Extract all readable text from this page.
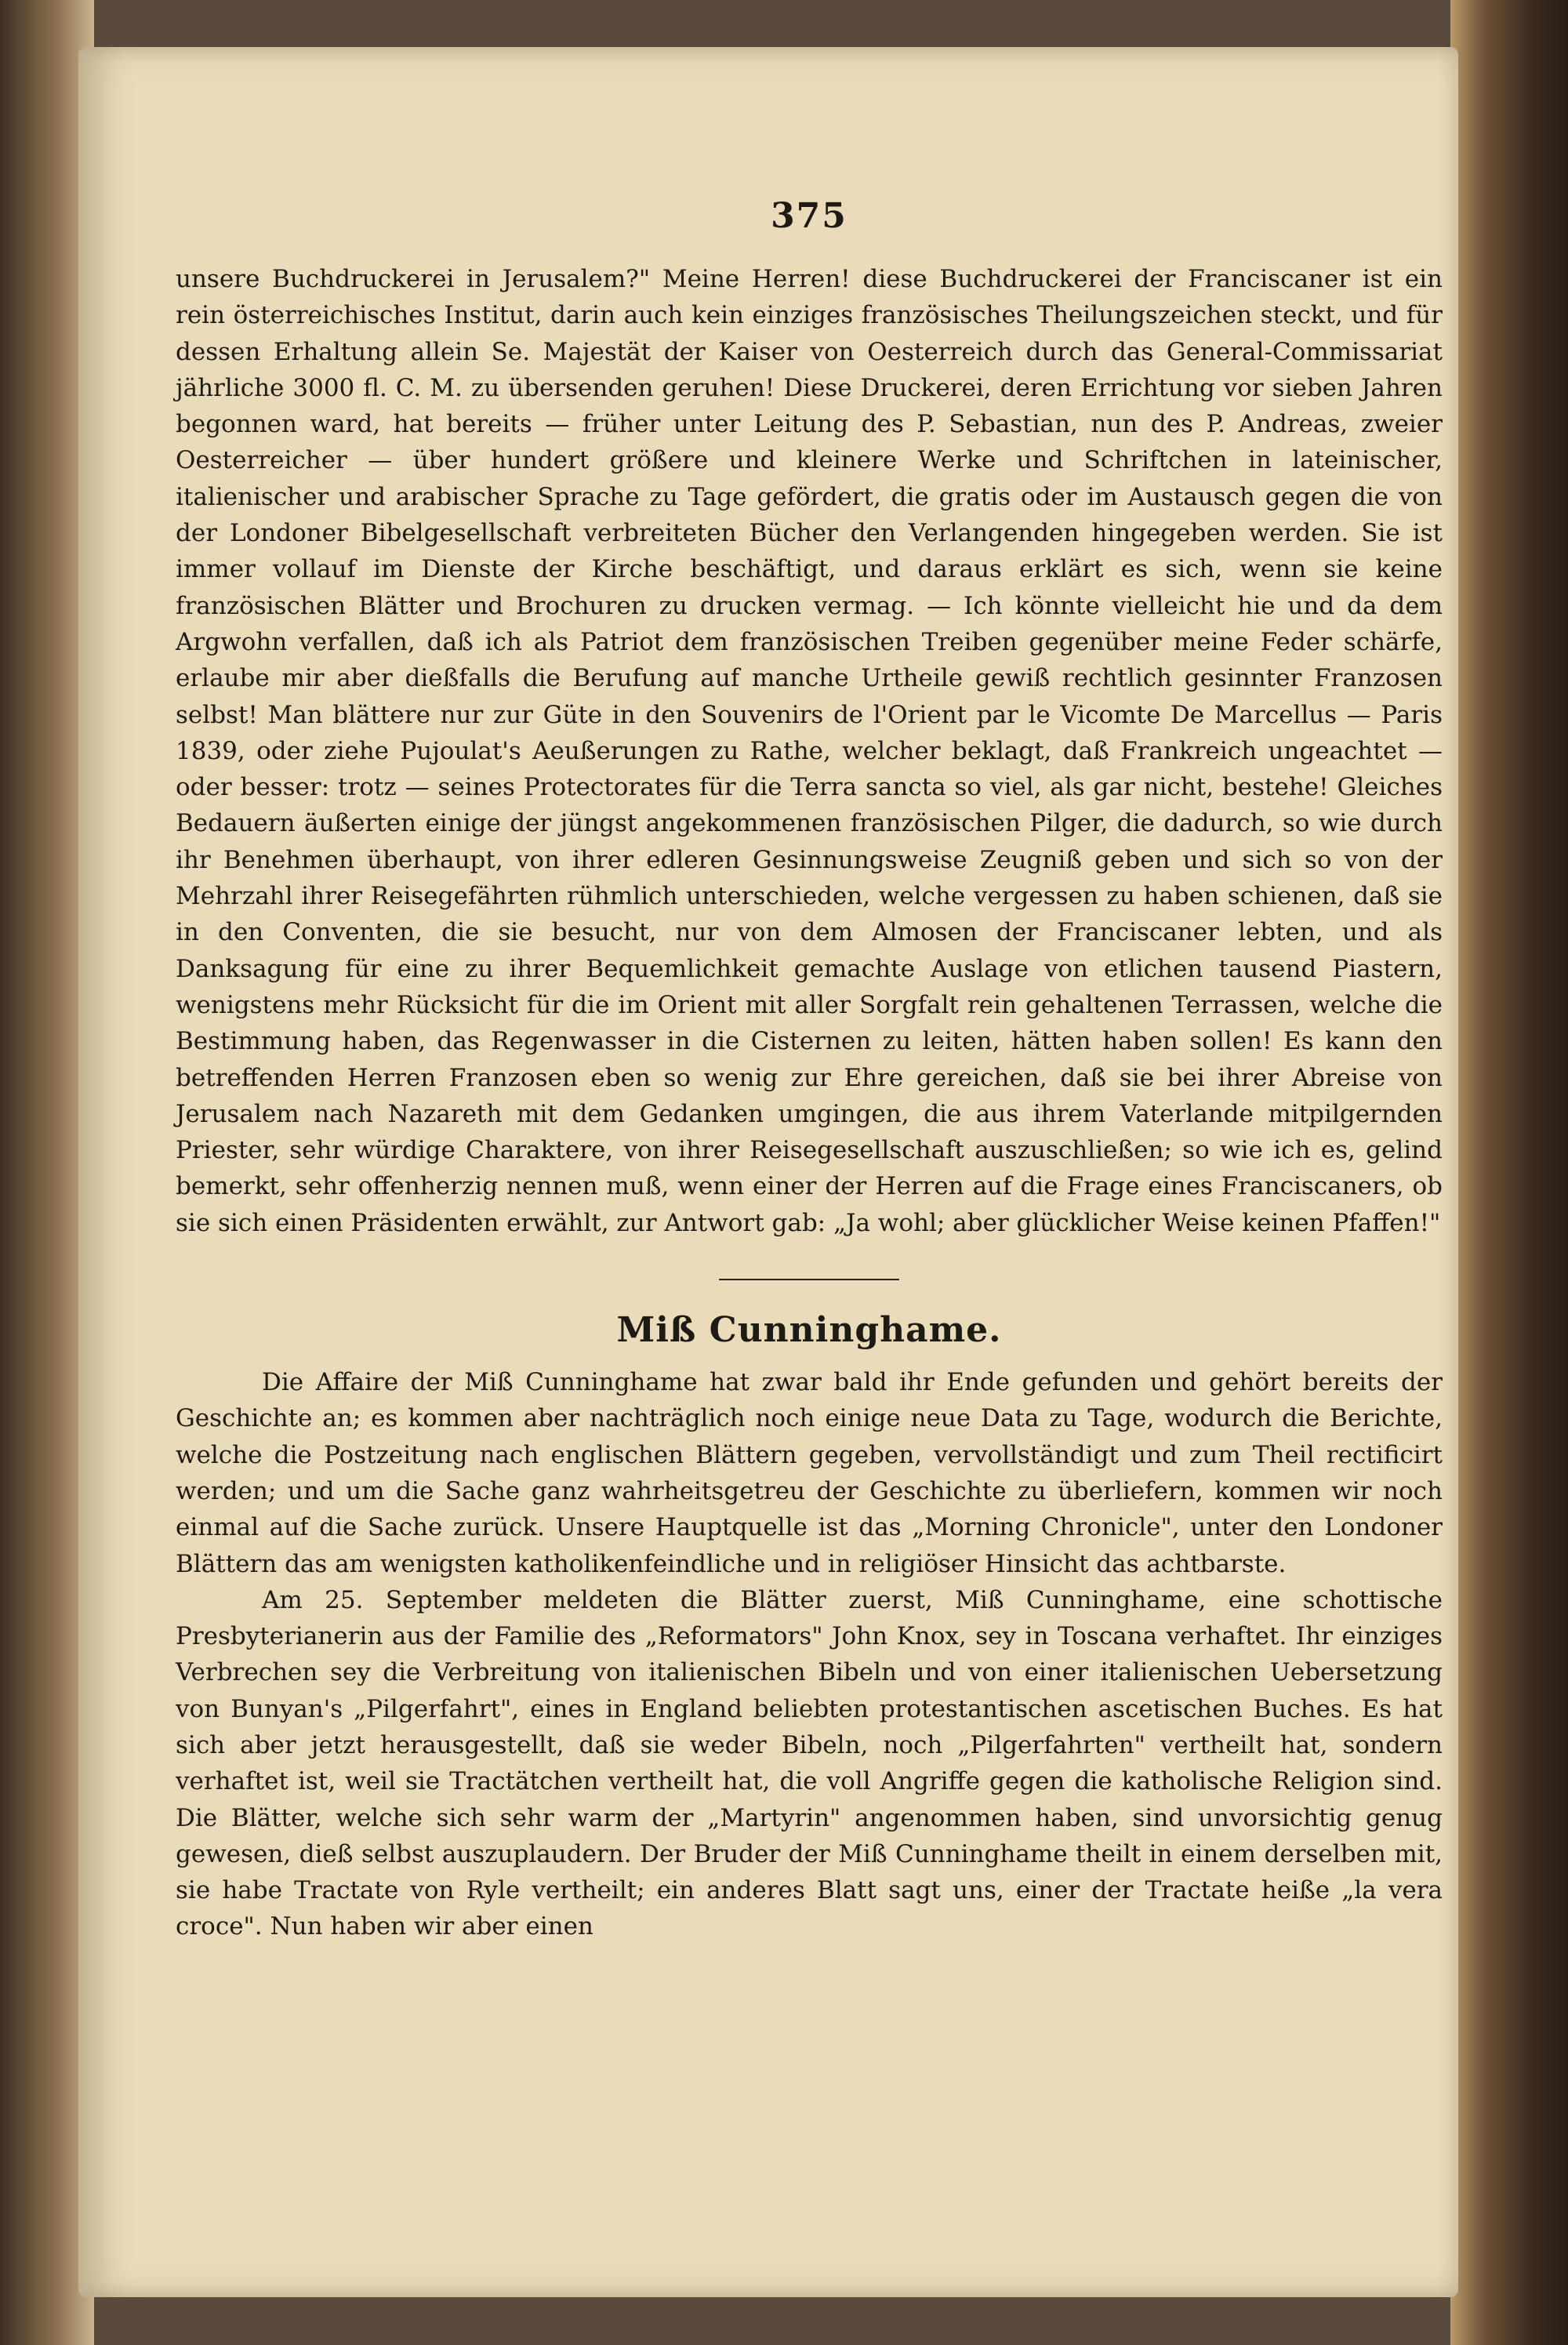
375

unsere Buchdruckerei in Jerusalem?" Meine Herren! diese Buchdruckerei der Franciscaner ist ein rein österreichisches Institut, darin auch kein einziges französisches Theilungszeichen steckt, und für dessen Erhaltung allein Se. Majestät der Kaiser von Oesterreich durch das General-Commissariat jährliche 3000 fl. C. M. zu übersenden geruhen! Diese Druckerei, deren Errichtung vor sieben Jahren begonnen ward, hat bereits — früher unter Leitung des P. Sebastian, nun des P. Andreas, zweier Oesterreicher — über hundert größere und kleinere Werke und Schriftchen in lateinischer, italienischer und arabischer Sprache zu Tage gefördert, die gratis oder im Austausch gegen die von der Londoner Bibelgesellschaft verbreiteten Bücher den Verlangenden hingegeben werden. Sie ist immer vollauf im Dienste der Kirche beschäftigt, und daraus erklärt es sich, wenn sie keine französischen Blätter und Brochuren zu drucken vermag. — Ich könnte vielleicht hie und da dem Argwohn verfallen, daß ich als Patriot dem französischen Treiben gegenüber meine Feder schärfe, erlaube mir aber dießfalls die Berufung auf manche Urtheile gewiß rechtlich gesinnter Franzosen selbst! Man blättere nur zur Güte in den Souvenirs de l'Orient par le Vicomte De Marcellus — Paris 1839, oder ziehe Pujoulat's Aeußerungen zu Rathe, welcher beklagt, daß Frankreich ungeachtet — oder besser: trotz — seines Protectorates für die Terra sancta so viel, als gar nicht, bestehe! Gleiches Bedauern äußerten einige der jüngst angekommenen französischen Pilger, die dadurch, so wie durch ihr Benehmen überhaupt, von ihrer edleren Gesinnungsweise Zeugniß geben und sich so von der Mehrzahl ihrer Reisegefährten rühmlich unterschieden, welche vergessen zu haben schienen, daß sie in den Conventen, die sie besucht, nur von dem Almosen der Franciscaner lebten, und als Danksagung für eine zu ihrer Bequemlichkeit gemachte Auslage von etlichen tausend Piastern, wenigstens mehr Rücksicht für die im Orient mit aller Sorgfalt rein gehaltenen Terrassen, welche die Bestimmung haben, das Regenwasser in die Cisternen zu leiten, hätten haben sollen! Es kann den betreffenden Herren Franzosen eben so wenig zur Ehre gereichen, daß sie bei ihrer Abreise von Jerusalem nach Nazareth mit dem Gedanken umgingen, die aus ihrem Vaterlande mitpilgernden Priester, sehr würdige Charaktere, von ihrer Reisegesellschaft auszuschließen; so wie ich es, gelind bemerkt, sehr offenherzig nennen muß, wenn einer der Herren auf die Frage eines Franciscaners, ob sie sich einen Präsidenten erwählt, zur Antwort gab: „Ja wohl; aber glücklicher Weise keinen Pfaffen!"

Miß Cunninghame.

Die Affaire der Miß Cunninghame hat zwar bald ihr Ende gefunden und gehört bereits der Geschichte an; es kommen aber nachträglich noch einige neue Data zu Tage, wodurch die Berichte, welche die Postzeitung nach englischen Blättern gegeben, vervollständigt und zum Theil rectificirt werden; und um die Sache ganz wahrheitsgetreu der Geschichte zu überliefern, kommen wir noch einmal auf die Sache zurück. Unsere Hauptquelle ist das „Morning Chronicle", unter den Londoner Blättern das am wenigsten katholikenfeindliche und in religiöser Hinsicht das achtbarste.

Am 25. September meldeten die Blätter zuerst, Miß Cunninghame, eine schottische Presbyterianerin aus der Familie des „Reformators" John Knox, sey in Toscana verhaftet. Ihr einziges Verbrechen sey die Verbreitung von italienischen Bibeln und von einer italienischen Uebersetzung von Bunyan's „Pilgerfahrt", eines in England beliebten protestantischen ascetischen Buches. Es hat sich aber jetzt herausgestellt, daß sie weder Bibeln, noch „Pilgerfahrten" vertheilt hat, sondern verhaftet ist, weil sie Tractätchen vertheilt hat, die voll Angriffe gegen die katholische Religion sind. Die Blätter, welche sich sehr warm der „Martyrin" angenommen haben, sind unvorsichtig genug gewesen, dieß selbst auszuplaudern. Der Bruder der Miß Cunninghame theilt in einem derselben mit, sie habe Tractate von Ryle vertheilt; ein anderes Blatt sagt uns, einer der Tractate heiße „la vera croce". Nun haben wir aber einen
